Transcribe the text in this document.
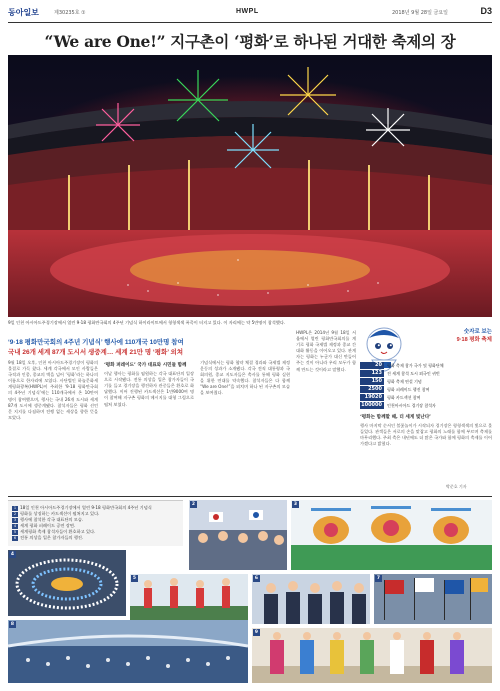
동아일보	제30235호 ①	HWPL	2018년 9월 28일 금요일	D3
“We are One!” 지구촌이 ‘평화’로 하나된 거대한 축제의 장
9일 인천 아시아드주경기장에서 열린 9·18 평화만국회의 4주년 기념식 하이라이트에서 형형색색 폭죽이 터지고 있다. 이 자리에는 약 5만명이 참석했다.
‘9·18 평화만국회의 4주년 기념식’ 행사에 110개국 10만명 참여
국내 26개 세계 87개 도시서 생중계… 세계 21만 명 ‘평화’ 외쳐
숫자로 보는
9·18 평화 축제
20	평화 축제 참가 국가 및 평화단체
123	전 세계 참석 도시 외국인 귀빈
150	평화 축제 연설 기념
2500	평화 퍼레이드 행진 참여
19020	평화 카드섹션 참여
100000	인천아시아드 경기장 참석자
9월 18일 오후, 인천 아시아드주경기장이 평화의 물결로 가득 찼다. 세계 각국에서 모인 사람들은 국적과 인종, 종교의 벽을 넘어 ‘평화’라는 하나의 이름으로 한자리에 모였다. 사단법인 하늘문화세계평화광복(HWPL)이 주최한 ‘9·18 평화만국회의 4주년 기념식’에는 110개국에서 온 10만여 명이 참여했으며, 행사는 국내 26개 도시와 세계 87개 도시에 생중계됐다. 참석자들은 평화 선언문 지지를 다짐하며 전쟁 없는 세상을 향한 뜻을 모았다.
‘평화 퍼레이드’ 국가 대표와 시민들 함께
이날 행사는 평화를 염원하는 각국 대표단의 입장으로 시작됐다. 전통 의상을 입은 참가자들이 국기를 들고 경기장을 행진하자 관중들은 환호로 화답했다. 이어 진행된 카드섹션은 1만9000여 명이 참여해 지구촌 평화의 메시지를 대형 그림으로 펼쳐 보였다.
기념식에서는 평화 협약 체결 경과와 국제법 제정 운동의 성과가 소개됐다. 각국 전직 대통령과 국회의원, 종교 지도자들은 축사를 통해 평화 실현을 위한 연대를 약속했다. 참석자들은 다 함께 “We are One!”을 외치며 하나 된 지구촌의 모습을 보여줬다.
HWPL은 2014년 9월 18일 서울에서 열린 평화만국회의를 계기로 평화 국제법 제정과 종교 간 대화 활동을 이어오고 있다. 관계자는 평화는 누군가 대신 만들어 주는 것이 아니라 우리 모두가 함께 만드는 것이라고 말했다.
‘평화는 함께할 때, 더 세게 빛난다’
행사 마지막 순서인 불꽃놀이가 시작되자 경기장은 형형색색의 빛으로 물들었다. 관객들은 서로의 손을 맞잡고 평화의 노래를 함께 부르며 축제를 마무리했다. 주최 측은 내년에도 더 많은 국가와 함께 평화의 축제를 이어가겠다고 밝혔다.
박준호 기자
1 18일 인천 아시아드주경기장에서 열린 9·18 평화만국회의 4주년 기념식
2 평화를 상징하는 카드섹션이 펼쳐지고 있다.
3 행사에 참석한 각국 대표단의 모습.
4 세계 평화 퍼레이드 공연 장면.
5 세계평화 축제 참석자들이 환호하고 있다.
6 전통 의상을 입은 참가자들의 행진.
2	3
4
5	6	7
8
9
